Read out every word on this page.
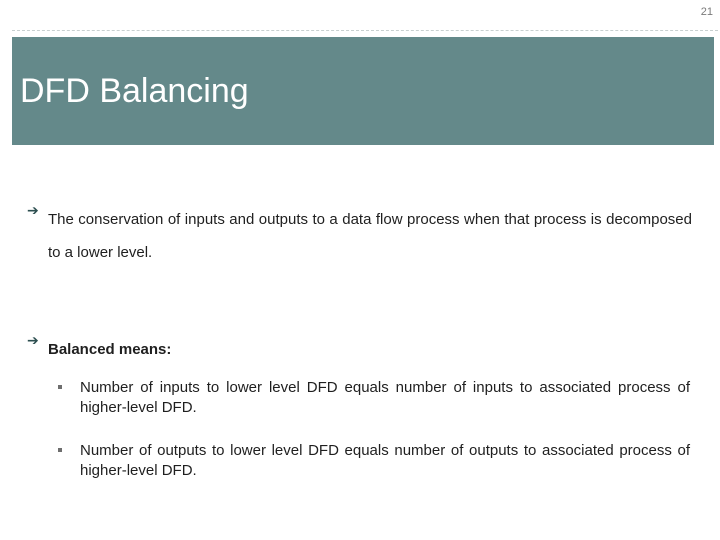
21
DFD Balancing
➔
The conservation of inputs and outputs to a data flow process when that process is decomposed to a lower level.
➔
Balanced means:
Number of inputs to lower level DFD equals number of inputs to associated process of higher-level DFD.
Number of outputs to lower level DFD equals number of outputs to associated process of higher-level DFD.
